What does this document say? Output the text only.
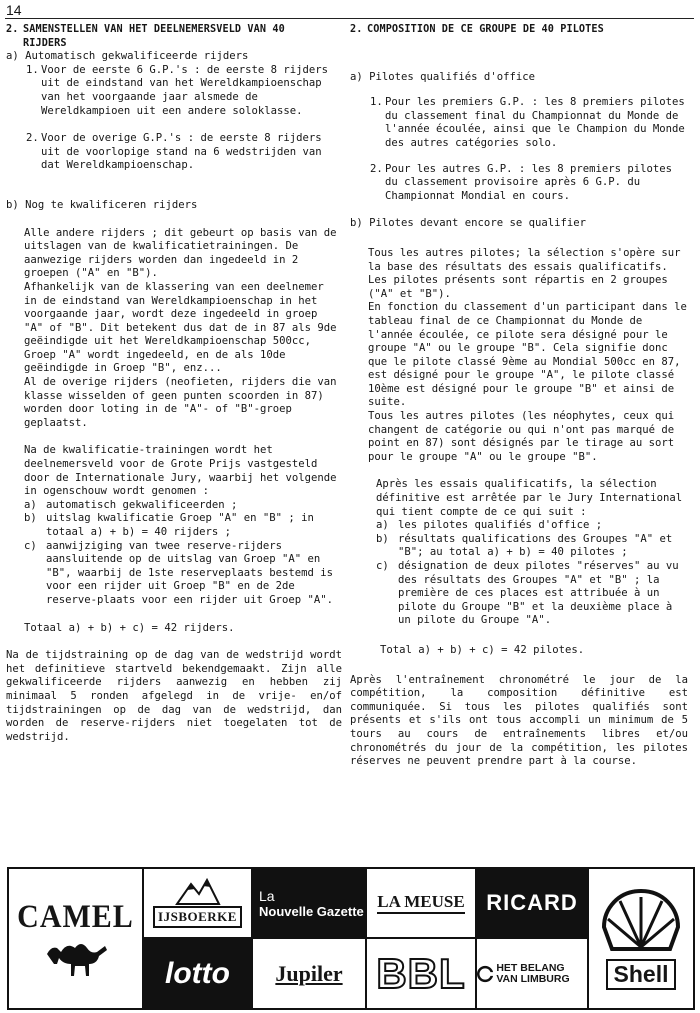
14
2. SAMENSTELLEN VAN HET DEELNEMERSVELD VAN 40
RIJDERS
a) Automatisch gekwalificeerde rijders
1. Voor de eerste 6 G.P.'s : de eerste 8 rijders uit de eindstand van het Wereldkampioenschap van het voorgaande jaar alsmede de Wereldkampioen uit een andere soloklasse.
2. Voor de overige G.P.'s : de eerste 8 rijders uit de voorlopige stand na 6 wedstrijden van dat Wereldkampioenschap.
b) Nog te kwalificeren rijders
Alle andere rijders ; dit gebeurt op basis van de uitslagen van de kwalificatietrainingen. De aanwezige rijders worden dan ingedeeld in 2 groepen ("A" en "B").
Afhankelijk van de klassering van een deelnemer in de eindstand van Wereldkampioenschap in het voorgaande jaar, wordt deze ingedeeld in groep "A" of "B". Dit betekent dus dat de in 87 als 9de geëindigde uit het Wereldkampioenschap 500cc, Groep "A" wordt ingedeeld, en de als 10de geëindigde in Groep "B", enz...
Al de overige rijders (neofieten, rijders die van klasse wisselden of geen punten scoorden in 87) worden door loting in de "A"- of "B"-groep geplaatst.
Na de kwalificatie-trainingen wordt het deelnemersveld voor de Grote Prijs vastgesteld door de Internationale Jury, waarbij het volgende in ogenschouw wordt genomen :
a) automatisch gekwalificeerden ;
b) uitslag kwalificatie Groep "A" en "B" ; in totaal a) + b) = 40 rijders ;
c) aanwijziging van twee reserve-rijders aansluitende op de uitslag van Groep "A" en "B", waarbij de 1ste reserveplaats bestemd is voor een rijder uit Groep "B" en de 2de reserve-plaats voor een rijder uit Groep "A".
Totaal a) + b) + c) = 42 rijders.
Na de tijdstraining op de dag van de wedstrijd wordt het definitieve startveld bekendgemaakt. Zijn alle gekwalificeerde rijders aanwezig en hebben zij minimaal 5 ronden afgelegd in de vrije- en/of tijdstrainingen op de dag van de wedstrijd, dan worden de reserve-rijders niet toegelaten tot de wedstrijd.
2. COMPOSITION DE CE GROUPE DE 40 PILOTES
a) Pilotes qualifiés d'office
1. Pour les premiers G.P. : les 8 premiers pilotes du classement final du Championnat du Monde de l'année écoulée, ainsi que le Champion du Monde des autres catégories solo.
2. Pour les autres G.P. : les 8 premiers pilotes du classement provisoire après 6 G.P. du Championnat Mondial en cours.
b) Pilotes devant encore se qualifier
Tous les autres pilotes; la sélection s'opère sur la base des résultats des essais qualificatifs. Les pilotes présents sont répartis en 2 groupes ("A" et "B").
En fonction du classement d'un participant dans le tableau final de ce Championnat du Monde de l'année écoulée, ce pilote sera désigné pour le groupe "A" ou le groupe "B". Cela signifie donc que le pilote classé 9ème au Mondial 500cc en 87, est désigné pour le groupe "A", le pilote classé 10ème est désigné pour le groupe "B" et ainsi de suite.
Tous les autres pilotes (les néophytes, ceux qui changent de catégorie ou qui n'ont pas marqué de point en 87) sont désignés par le tirage au sort pour le groupe "A" ou le groupe "B".
Après les essais qualificatifs, la sélection définitive est arrêtée par le Jury International qui tient compte de ce qui suit :
a) les pilotes qualifiés d'office ;
b) résultats qualifications des Groupes "A" et "B"; au total a) + b) = 40 pilotes ;
c) désignation de deux pilotes "réserves" au vu des résultats des Groupes "A" et "B" ; la première de ces places est attribuée à un pilote du Groupe "B" et la deuxième place à un pilote du Groupe "A".
Total a) + b) + c) = 42 pilotes.
Après l'entraînement chronométré le jour de la compétition, la composition définitive est communiquée. Si tous les pilotes qualifiés sont présents et s'ils ont tous accompli un minimum de 5 tours au cours de entraînements libres et/ou chronométrés du jour de la compétition, les pilotes réserves ne peuvent prendre part à la course.
CAMEL	IJSBOERKE
lotto
La
Nouvelle Gazette
Jupiler
LA MEUSE
BBL
RICARD
HET BELANG VAN LIMBURG	Shell
